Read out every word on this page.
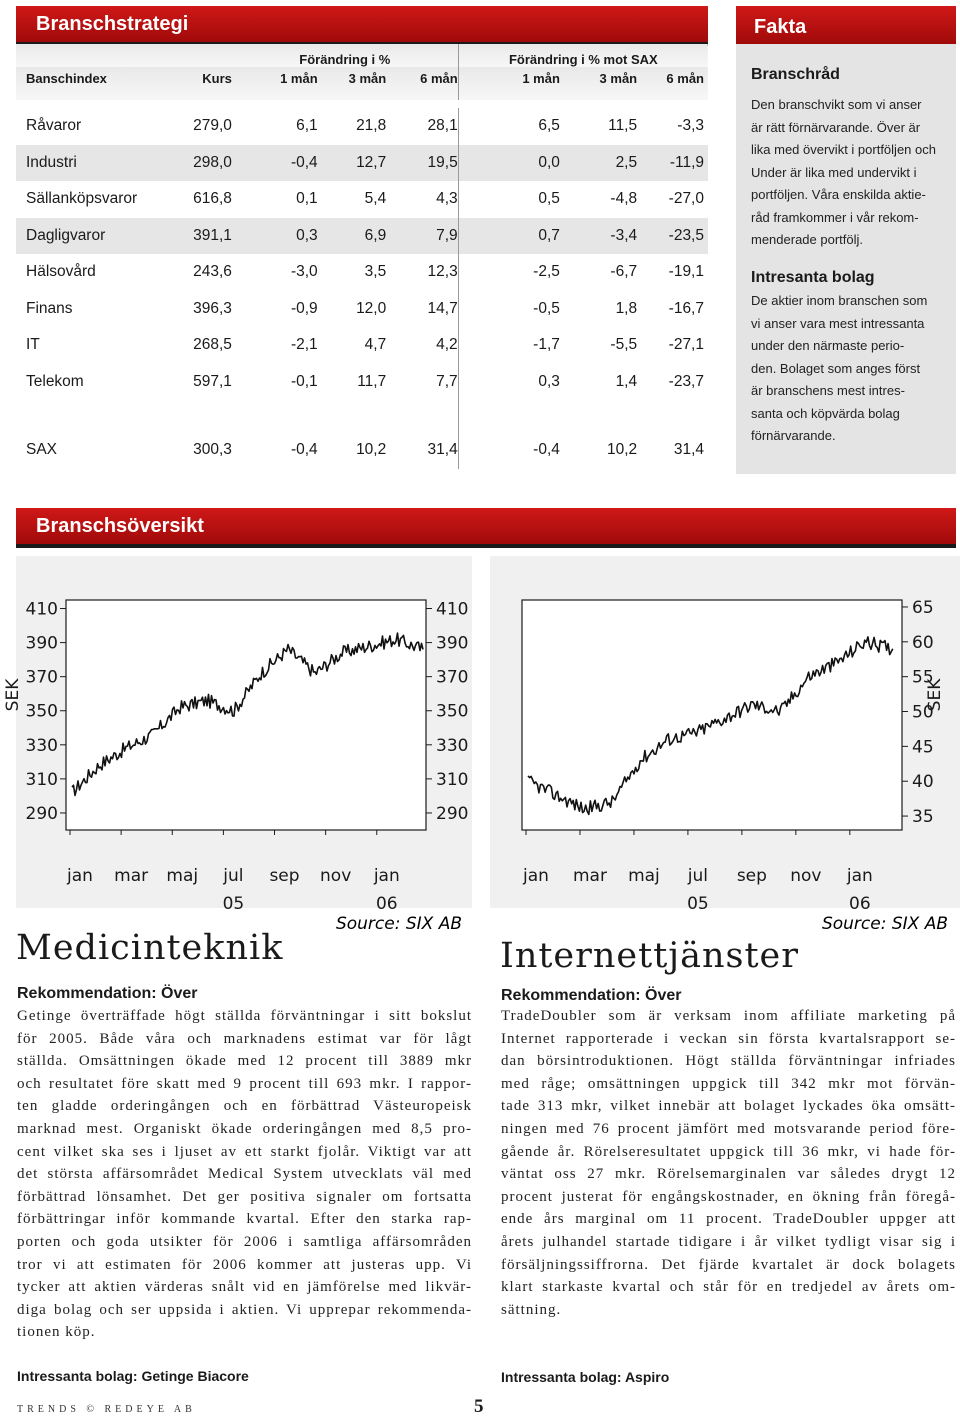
Branschstrategi
		Förändring i %			Förändring i % mot SAX		
Banschindex	Kurs	1 mån	3 mån	6 mån	1 mån	3 mån	6 mån

Råvaror	279,0	6,1	21,8	28,1	6,5	11,5	-3,3
Industri	298,0	-0,4	12,7	19,5	0,0	2,5	-11,9
Sällanköpsvaror	616,8	0,1	5,4	4,3	0,5	-4,8	-27,0
Dagligvaror	391,1	0,3	6,9	7,9	0,7	-3,4	-23,5
Hälsovård	243,6	-3,0	3,5	12,3	-2,5	-6,7	-19,1
Finans	396,3	-0,9	12,0	14,7	-0,5	1,8	-16,7
IT	268,5	-2,1	4,7	4,2	-1,7	-5,5	-27,1
Telekom	597,1	-0,1	11,7	7,7	0,3	1,4	-23,7

SAX	300,3	-0,4	10,2	31,4	-0,4	10,2	31,4
Fakta
Branschråd

Den branschvikt som vi anser
är rätt förnärvarande. Över är
lika med övervikt i portföljen och
Under är lika med undervikt i
portföljen. Våra enskilda aktie-
råd framkommer i vår rekom-
menderade portfölj.

Intresanta bolag

De aktier inom branschen som
vi anser vara mest intressanta
under den närmaste perio-
den. Bolaget som anges först
är branschens mest intres-
santa och köpvärda bolag
förnärvarande.

Branschsöversikt
410	410
390	390
370	370
350	350
330	330
310	310
290	290
SEK
jan mar maj jul sep nov jan
05	06
Source: SIX AB
65
60
55
50
45
40
35
SEK
jan mar maj jul sep nov jan
05	06
Source: SIX AB
Medicinteknik
Rekommendation: Över
Getinge överträffade högt ställda förväntningar i sitt bokslut
för 2005. Både våra och marknadens estimat var för lågt
ställda. Omsättningen ökade med 12 procent till 3889 mkr
och resultatet före skatt med 9 procent till 693 mkr. I rappor-
ten gladde orderingången och en förbättrad Västeuropeisk
marknad mest. Organiskt ökade orderingången med 8,5 pro-
cent vilket ska ses i ljuset av ett starkt fjolår. Viktigt var att
det största affärsområdet Medical System utvecklats väl med
förbättrad lönsamhet. Det ger positiva signaler om fortsatta
förbättringar inför kommande kvartal. Efter den starka rap-
porten och goda utsikter för 2006 i samtliga affärsområden
tror vi att estimaten för 2006 kommer att justeras upp. Vi
tycker att aktien värderas snålt vid en jämförelse med likvär-
diga bolag och ser uppsida i aktien. Vi upprepar rekommenda-
tionen köp.
Intressanta bolag: Getinge Biacore
Internettjänster
Rekommendation: Över
TradeDoubler som är verksam inom affiliate marketing på
Internet rapporterade i veckan sin första kvartalsrapport se-
dan börsintroduktionen. Högt ställda förväntningar infriades
med råge; omsättningen uppgick till 342 mkr mot förvän-
tade 313 mkr, vilket innebär att bolaget lyckades öka omsätt-
ningen med 76 procent jämfört med motsvarande period före-
gående år. Rörelseresultatet uppgick till 36 mkr, vi hade för-
väntat oss 27 mkr. Rörelsemarginalen var således drygt 12
procent justerat för engångskostnader, en ökning från föregå-
ende års marginal om 11 procent. TradeDoubler uppger att
årets julhandel startade tidigare i år vilket tydligt visar sig i
försäljningssiffrorna. Det fjärde kvartalet är dock bolagets
klart starkaste kvartal och står för en tredjedel av årets om-
sättning.
Intressanta bolag: Aspiro
TRENDS © REDEYE AB	5
